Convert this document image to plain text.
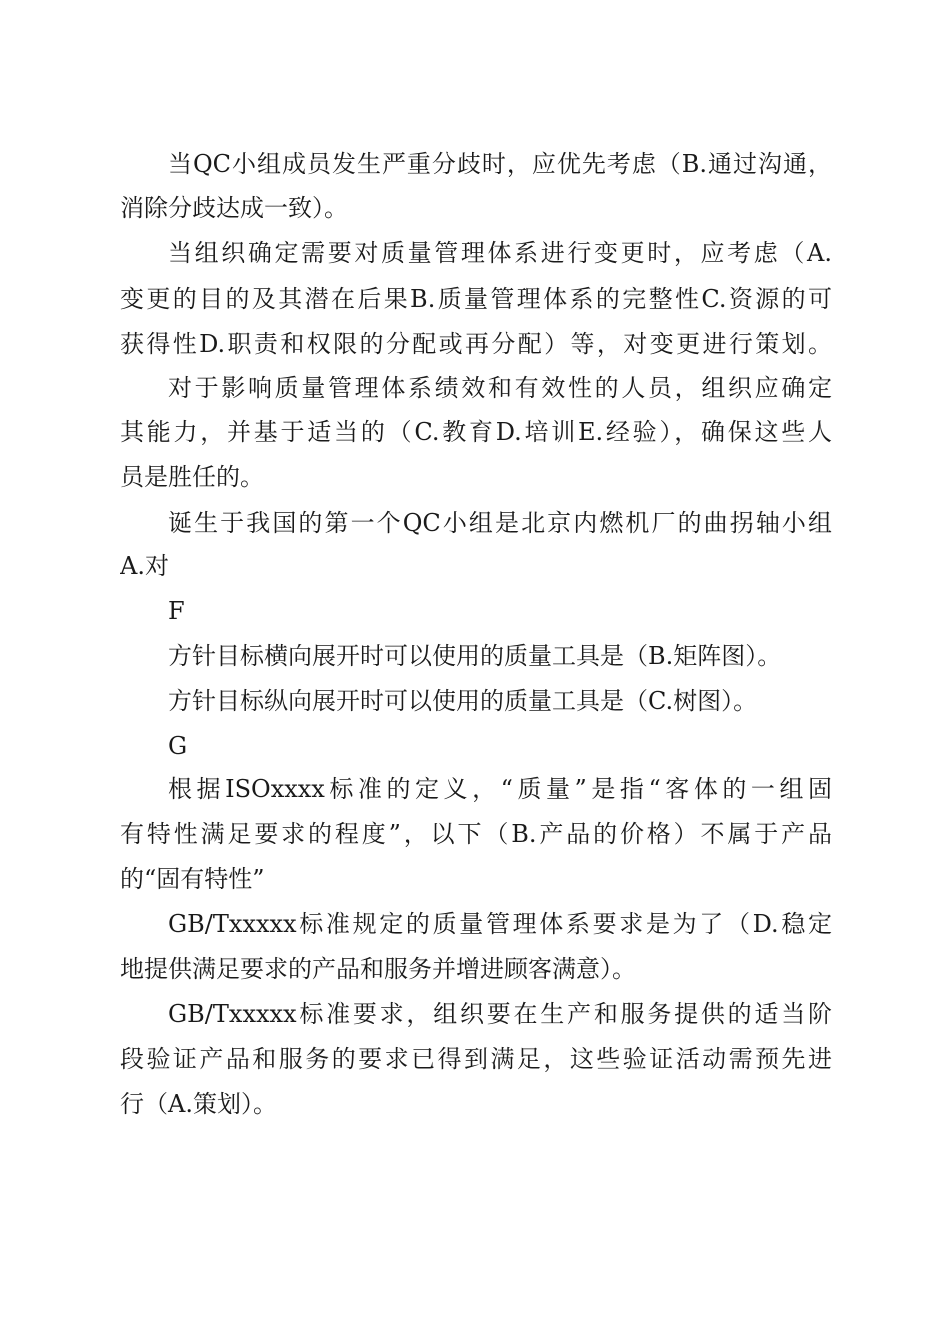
当QC小组成员发生严重分歧时，应优先考虑（B.通过沟通，
消除分歧达成一致）。
当组织确定需要对质量管理体系进行变更时，应考虑（A.
变更的目的及其潜在后果B.质量管理体系的完整性C.资源的可
获得性D.职责和权限的分配或再分配）等，对变更进行策划。
对于影响质量管理体系绩效和有效性的人员，组织应确定
其能力，并基于适当的（C.教育D.培训E.经验），确保这些人
员是胜任的。
诞生于我国的第一个QC小组是北京内燃机厂的曲拐轴小组
A.对
F
方针目标横向展开时可以使用的质量工具是（B.矩阵图）。
方针目标纵向展开时可以使用的质量工具是（C.树图）。
G
根据ISOxxxx标准的定义，“质量”是指“客体的一组固
有特性满足要求的程度”，以下（B.产品的价格）不属于产品
的“固有特性”
GB/Txxxxx标准规定的质量管理体系要求是为了（D.稳定
地提供满足要求的产品和服务并增进顾客满意）。
GB/Txxxxx标准要求，组织要在生产和服务提供的适当阶
段验证产品和服务的要求已得到满足，这些验证活动需预先进
行（A.策划）。
